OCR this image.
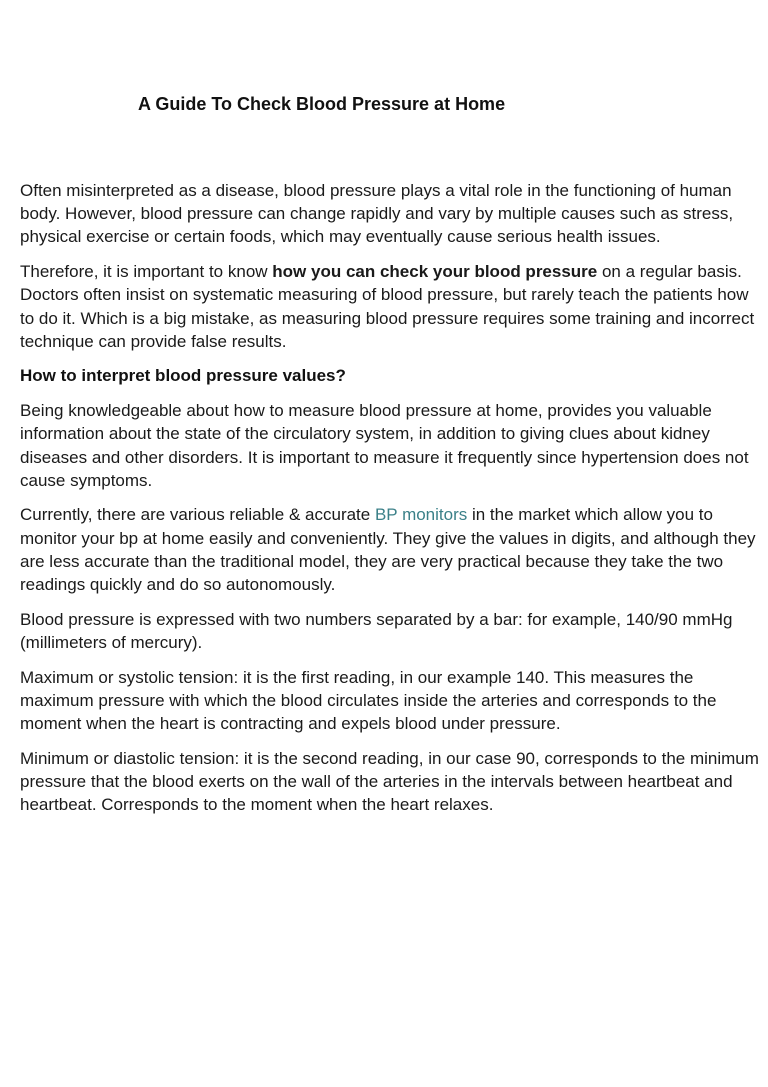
A Guide To Check Blood Pressure at Home

Often misinterpreted as a disease, blood pressure plays a vital role in the functioning of human body. However, blood pressure can change rapidly and vary by multiple causes such as stress, physical exercise or certain foods, which may eventually cause serious health issues.

Therefore, it is important to know how you can check your blood pressure on a regular basis. Doctors often insist on systematic measuring of blood pressure, but rarely teach the patients how to do it. Which is a big mistake, as measuring blood pressure requires some training and incorrect technique can provide false results.

How to interpret blood pressure values?

Being knowledgeable about how to measure blood pressure at home, provides you valuable information about the state of the circulatory system, in addition to giving clues about kidney diseases and other disorders. It is important to measure it frequently since hypertension does not cause symptoms.

Currently, there are various reliable & accurate BP monitors in the market which allow you to monitor your bp at home easily and conveniently. They give the values in digits, and although they are less accurate than the traditional model, they are very practical because they take the two readings quickly and do so autonomously.

Blood pressure is expressed with two numbers separated by a bar: for example, 140/90 mmHg (millimeters of mercury).

Maximum or systolic tension: it is the first reading, in our example 140. This measures the maximum pressure with which the blood circulates inside the arteries and corresponds to the moment when the heart is contracting and expels blood under pressure.

Minimum or diastolic tension: it is the second reading, in our case 90, corresponds to the minimum pressure that the blood exerts on the wall of the arteries in the intervals between heartbeat and heartbeat. Corresponds to the moment when the heart relaxes.
